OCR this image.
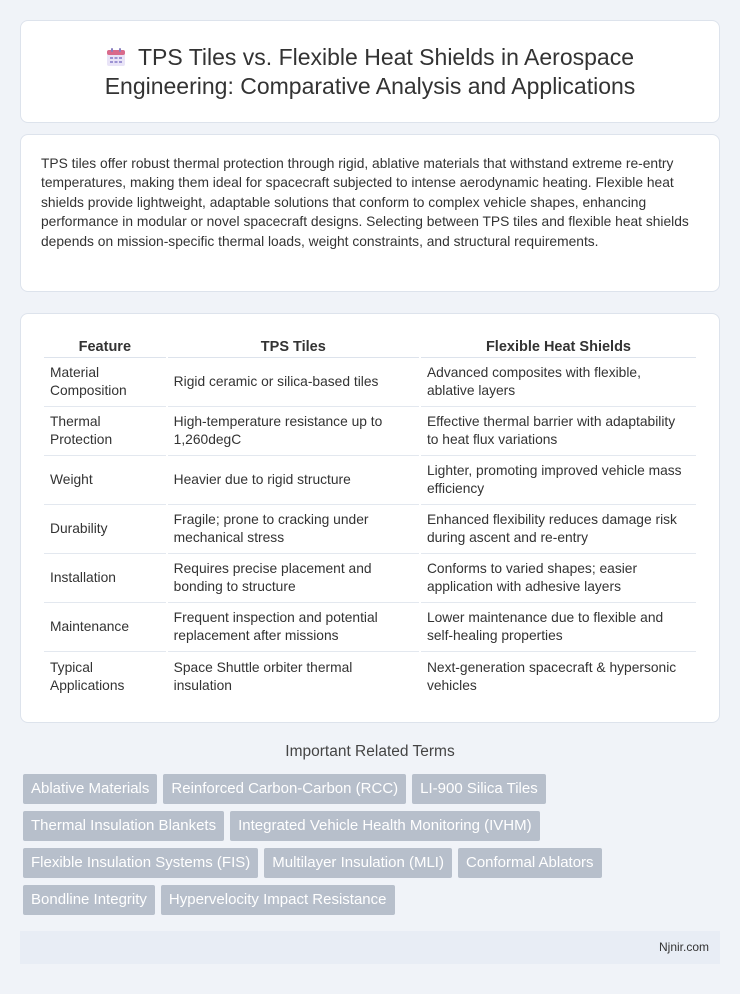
TPS Tiles vs. Flexible Heat Shields in Aerospace Engineering: Comparative Analysis and Applications

TPS tiles offer robust thermal protection through rigid, ablative materials that withstand extreme re-entry temperatures, making them ideal for spacecraft subjected to intense aerodynamic heating. Flexible heat shields provide lightweight, adaptable solutions that conform to complex vehicle shapes, enhancing performance in modular or novel spacecraft designs. Selecting between TPS tiles and flexible heat shields depends on mission-specific thermal loads, weight constraints, and structural requirements.

Feature	TPS Tiles	Flexible Heat Shields
Material Composition	Rigid ceramic or silica-based tiles	Advanced composites with flexible, ablative layers
Thermal Protection	High-temperature resistance up to 1,260degC	Effective thermal barrier with adaptability to heat flux variations
Weight	Heavier due to rigid structure	Lighter, promoting improved vehicle mass efficiency
Durability	Fragile; prone to cracking under mechanical stress	Enhanced flexibility reduces damage risk during ascent and re-entry
Installation	Requires precise placement and bonding to structure	Conforms to varied shapes; easier application with adhesive layers
Maintenance	Frequent inspection and potential replacement after missions	Lower maintenance due to flexible and self-healing properties
Typical Applications	Space Shuttle orbiter thermal insulation	Next-generation spacecraft & hypersonic vehicles
Important Related Terms
Ablative Materials	Reinforced Carbon-Carbon (RCC)	LI-900 Silica Tiles
Thermal Insulation Blankets	Integrated Vehicle Health Monitoring (IVHM)
Flexible Insulation Systems (FIS)	Multilayer Insulation (MLI)	Conformal Ablators
Bondline Integrity	Hypervelocity Impact Resistance
Njnir.com
